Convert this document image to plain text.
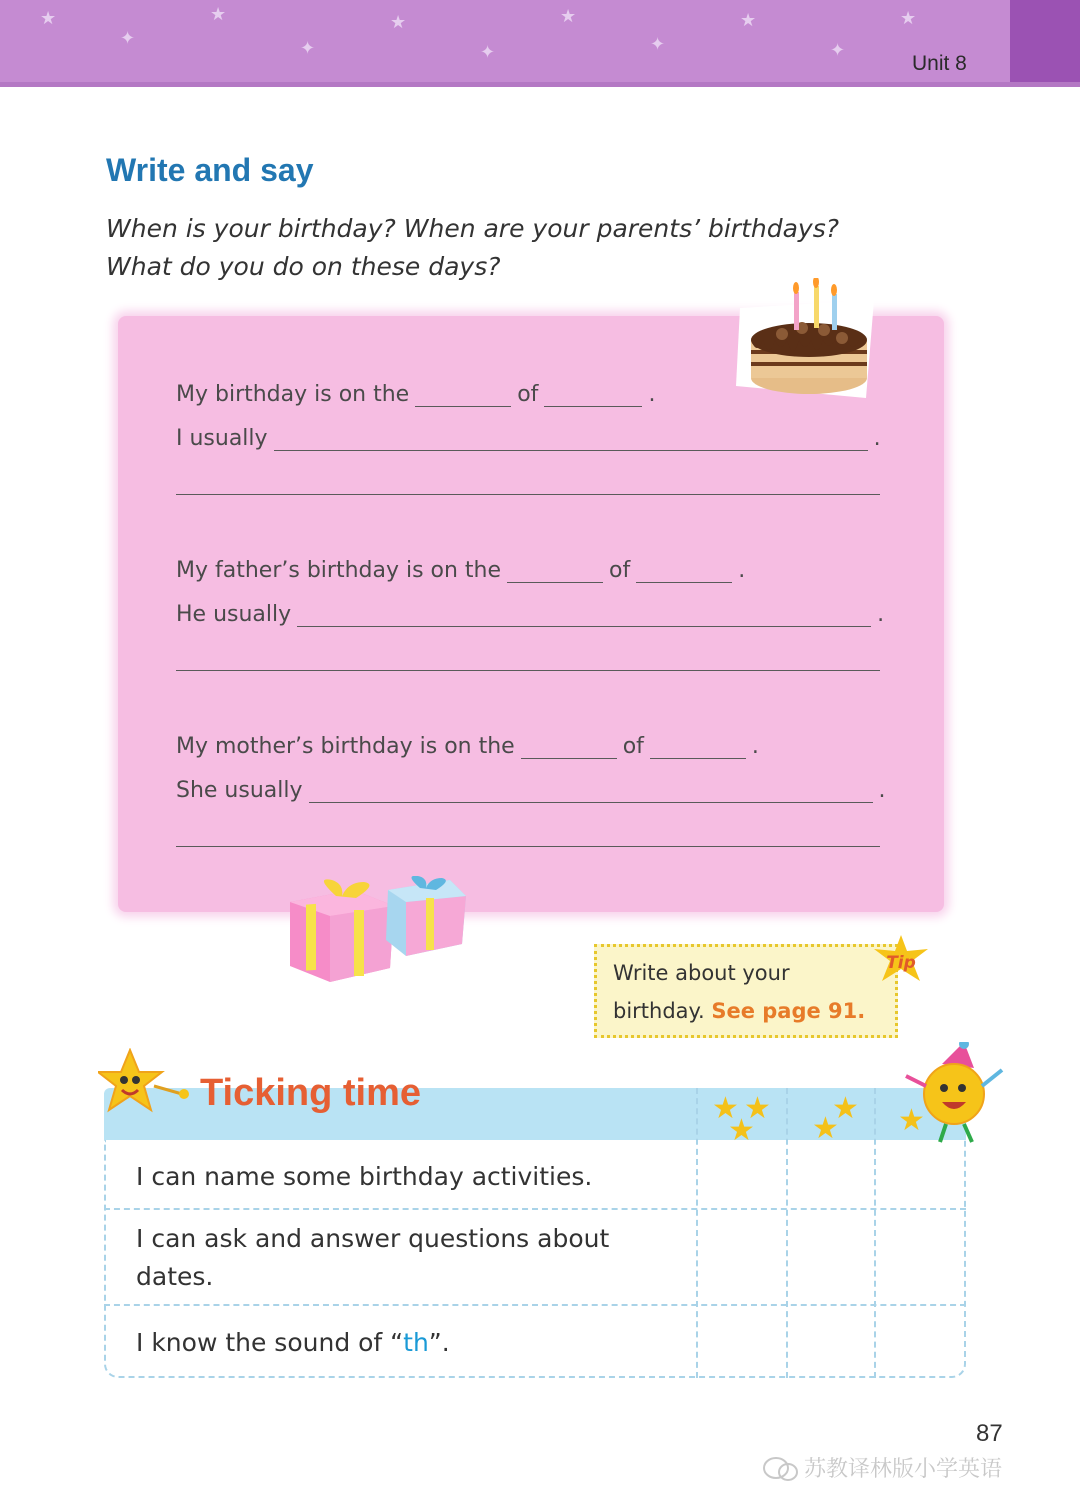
★
✦
★
✦
★
✦
★
✦
★
✦
★
Unit 8
Write and say
When is your birthday? When are your parents’ birthdays?
What do you do on these days?
My birthday is on the	of	.
I usually	.
My father’s birthday is on the	of	.
He usually	.
My mother’s birthday is on the	of	.
She usually	.
Write about your
birthday. See page 91.
Tip
★ ★
★ ★
★ ★
Ticking time
I can name some birthday activities.
I can ask and answer questions about
dates.
I know the sound of “th”.
87
苏教译林版小学英语
